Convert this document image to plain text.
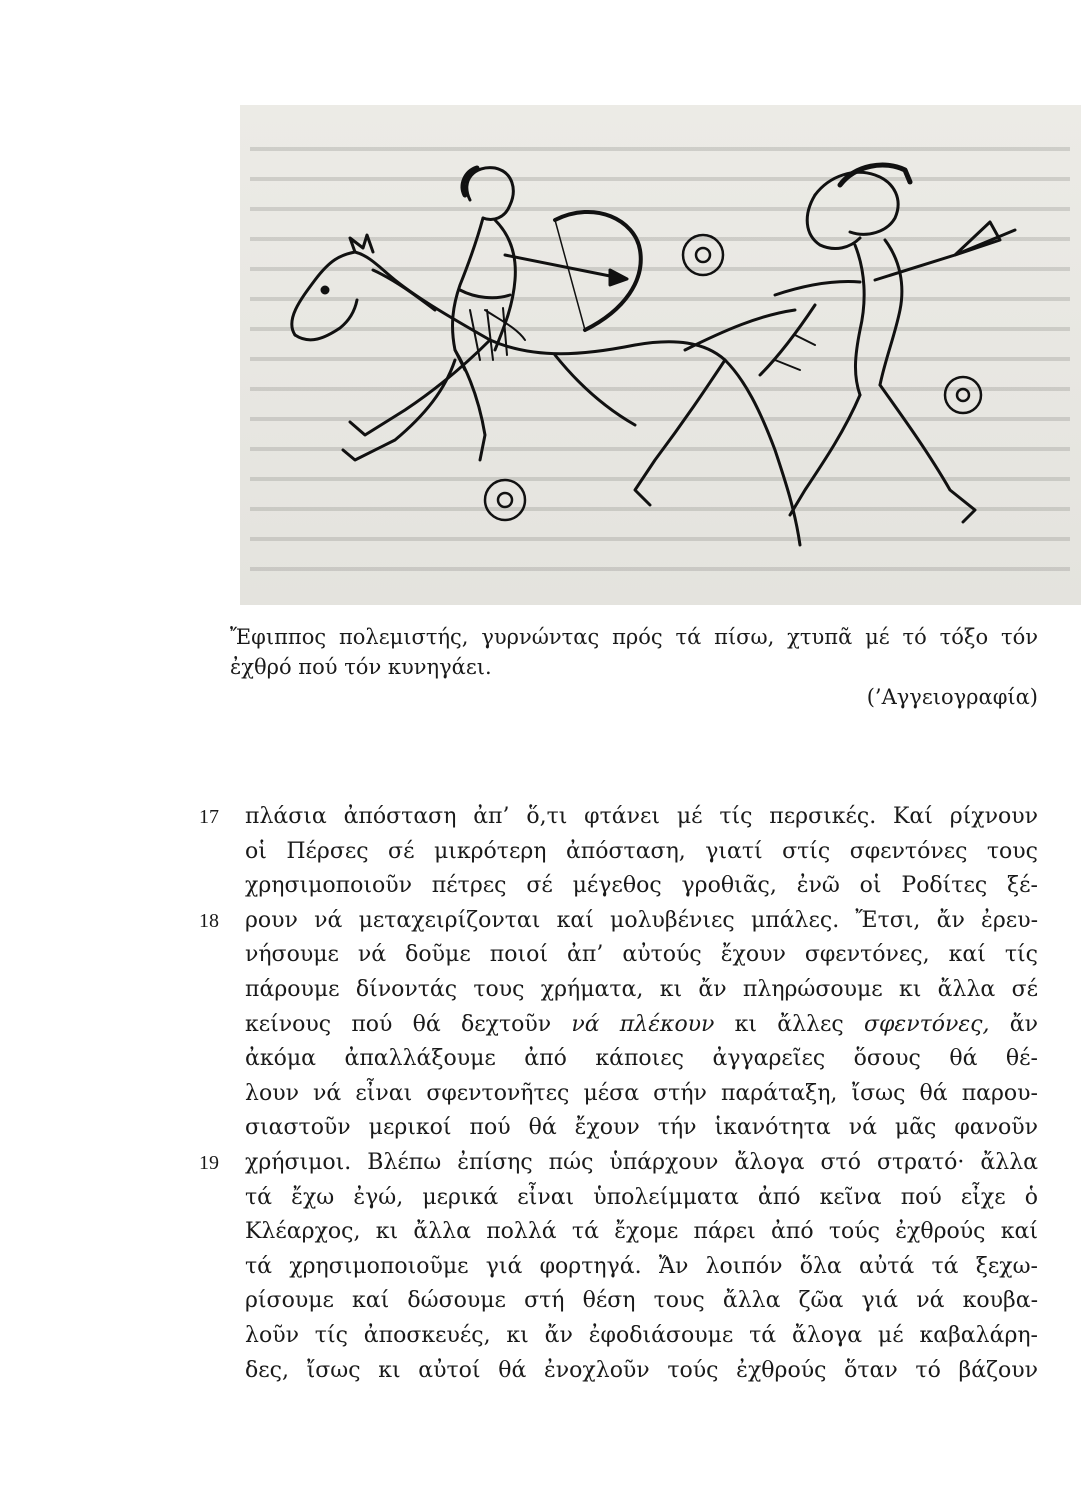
Ἔφιππος πολεμιστής, γυρνώντας πρός τά πίσω, χτυπᾶ μέ τό τόξο τόν ἐχθρό πού τόν κυνηγάει.
(’Αγγειογραφία)
17	πλάσια ἀπόσταση ἀπ’ ὅ,τι φτάνει μέ τίς περσικές. Καί ρίχνουν
οἱ Πέρσες σέ μικρότερη ἀπόσταση, γιατί στίς σφεντόνες τους
χρησιμοποιοῦν πέτρες σέ μέγεθος γροθιᾶς, ἐνῶ οἱ Ροδίτες ξέ-
18	ρουν νά μεταχειρίζονται καί μολυβένιες μπάλες. Ἔτσι, ἄν ἐρευ-
νήσουμε νά δοῦμε ποιοί ἀπ’ αὐτούς ἔχουν σφεντόνες, καί τίς
πάρουμε δίνοντάς τους χρήματα, κι ἄν πληρώσουμε κι ἄλλα σέ
κείνους πού θά δεχτοῦν νά πλέκουν κι ἄλλες σφεντόνες, ἄν
ἀκόμα ἀπαλλάξουμε ἀπό κάποιες ἀγγαρεῖες ὅσους θά θέ-
λουν νά εἶναι σφεντονῆτες μέσα στήν παράταξη, ἴσως θά παρου-
σιαστοῦν μερικοί πού θά ἔχουν τήν ἱκανότητα νά μᾶς φανοῦν
19	χρήσιμοι. Βλέπω ἐπίσης πώς ὑπάρχουν ἄλογα στό στρατό· ἄλλα
τά ἔχω ἐγώ, μερικά εἶναι ὑπολείμματα ἀπό κεῖνα πού εἶχε ὁ
Κλέαρχος, κι ἄλλα πολλά τά ἔχομε πάρει ἀπό τούς ἐχθρούς καί
τά χρησιμοποιοῦμε γιά φορτηγά. Ἄν λοιπόν ὅλα αὐτά τά ξεχω-
ρίσουμε καί δώσουμε στή θέση τους ἄλλα ζῶα γιά νά κουβα-
λοῦν τίς ἀποσκευές, κι ἄν ἐφοδιάσουμε τά ἄλογα μέ καβαλάρη-
δες, ἴσως κι αὐτοί θά ἐνοχλοῦν τούς ἐχθρούς ὅταν τό βάζουν
